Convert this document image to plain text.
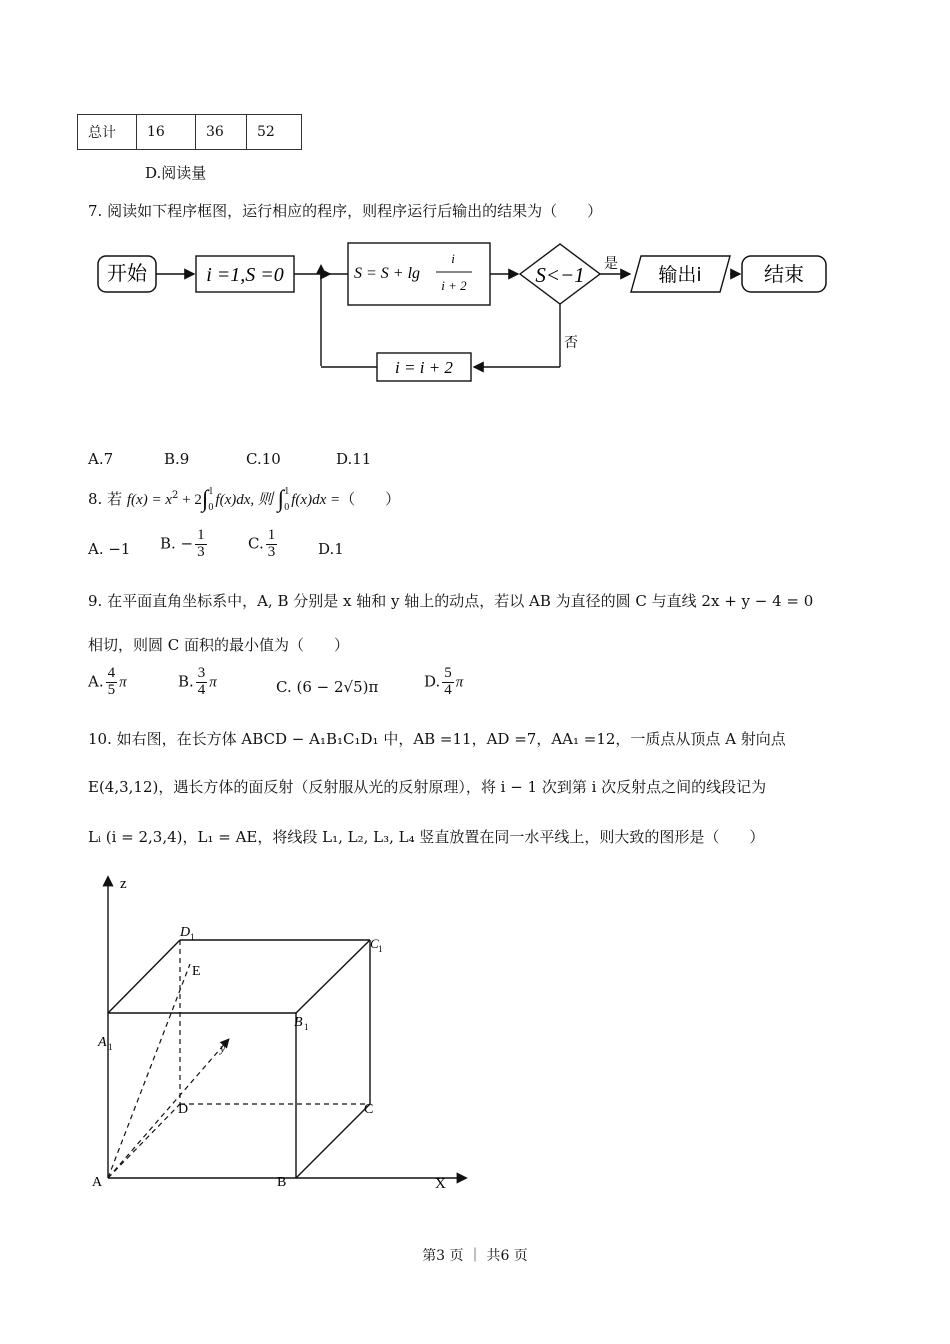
总计	16	36	52
D.阅读量
7. 阅读如下程序框图，运行相应的程序，则程序运行后输出的结果为（　　）
开始	i =1,S =0	S = S + lg
i
i + 2	S<−1 是 输出i	结束
否
i = i + 2
A.7	B.9	C.10	D.11
8. 若 $f(x) = x^2 + 2\int 1$
0 f(x)dx, 则 ∫1
0 f(x)dx =（　　）
A. −1 B. − $\frac{1}{3}$	C. $\frac{1}{3}$	D.1
9. 在平面直角坐标系中，A, B 分别是 x 轴和 y 轴上的动点，若以 AB 为直径的圆 C 与直线 2x + y − 4 = 0
相切，则圆 C 面积的最小值为（　　）
A. $\frac{4}{5}$ π	B. $\frac{3}{4}$ π	C. (6 − 2√5)π	D. $\frac{5}{4}$ π
10. 如右图，在长方体 ABCD − A₁B₁C₁D₁ 中，AB =11，AD =7，AA₁ =12，一质点从顶点 A 射向点
E(4,3,12)，遇长方体的面反射（反射服从光的反射原理），将 i − 1 次到第 i 次反射点之间的线段记为
Lᵢ (i = 2,3,4)，L₁ = AE，将线段 L₁, L₂, L₃, L₄ 竖直放置在同一水平线上，则大致的图形是（　　）
z
X
y
A	B
C
D
E
A 1
B 1
C 1
D 1
第3 页 ｜ 共6 页
